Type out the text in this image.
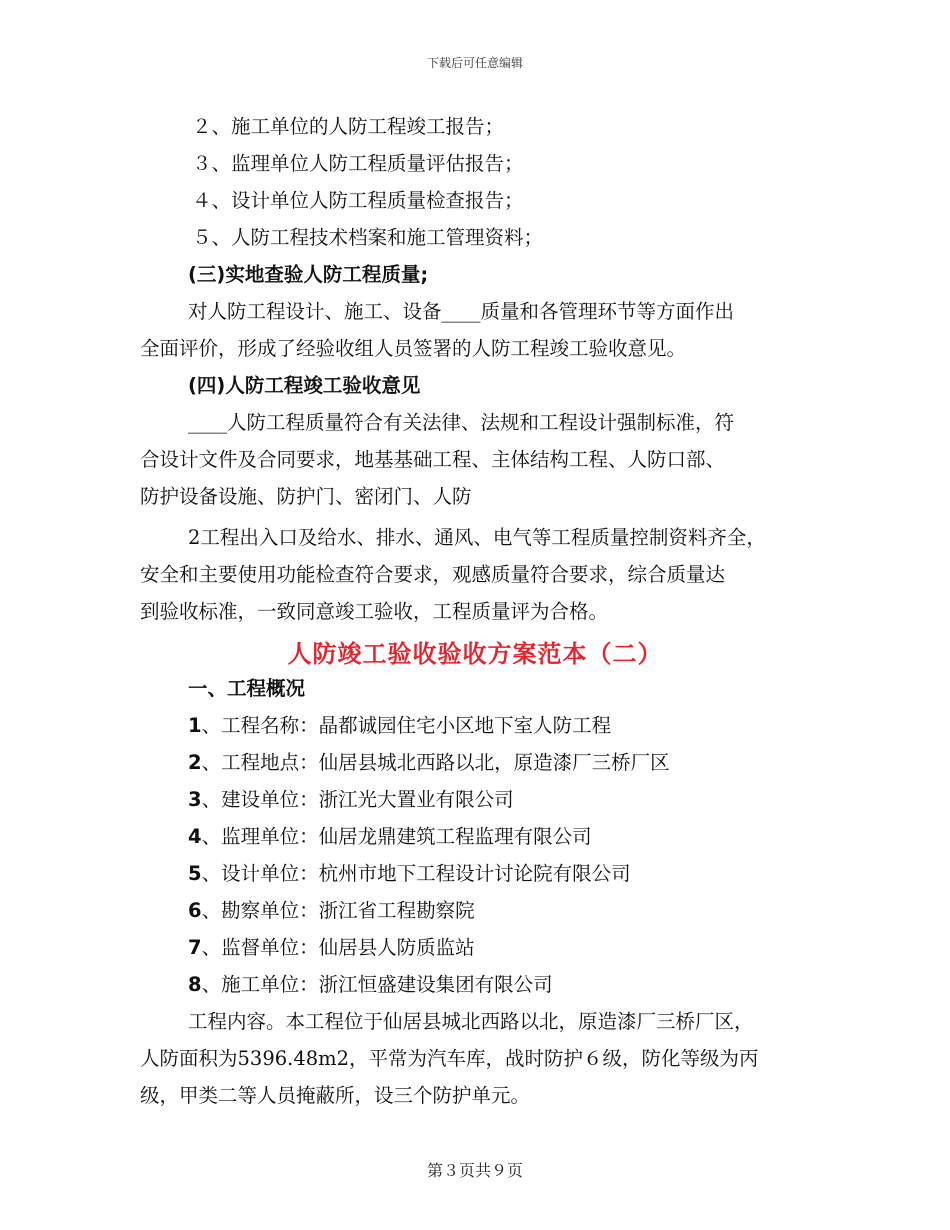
下载后可任意编辑
２、施工单位的人防工程竣工报告；
３、监理单位人防工程质量评估报告；
４、设计单位人防工程质量检查报告；
５、人防工程技术档案和施工管理资料；
(三)实地查验人防工程质量;
对人防工程设计、施工、设备____质量和各管理环节等方面作出
全面评价，形成了经验收组人员签署的人防工程竣工验收意见。
(四)人防工程竣工验收意见
____人防工程质量符合有关法律、法规和工程设计强制标准，符
合设计文件及合同要求，地基基础工程、主体结构工程、人防口部、
防护设备设施、防护门、密闭门、人防
2工程出入口及给水、排水、通风、电气等工程质量控制资料齐全，
安全和主要使用功能检查符合要求，观感质量符合要求，综合质量达
到验收标准，一致同意竣工验收，工程质量评为合格。
人防竣工验收验收方案范本（二）
一、工程概况
1、工程名称：晶都诚园住宅小区地下室人防工程
2、工程地点：仙居县城北西路以北，原造漆厂三桥厂区
3、建设单位：浙江光大置业有限公司
4、监理单位：仙居龙鼎建筑工程监理有限公司
5、设计单位：杭州市地下工程设计讨论院有限公司
6、勘察单位：浙江省工程勘察院
7、监督单位：仙居县人防质监站
8、施工单位：浙江恒盛建设集团有限公司
工程内容。本工程位于仙居县城北西路以北，原造漆厂三桥厂区，
人防面积为5396.48m2，平常为汽车库，战时防护６级，防化等级为丙
级，甲类二等人员掩蔽所，设三个防护单元。
第３页共９页
